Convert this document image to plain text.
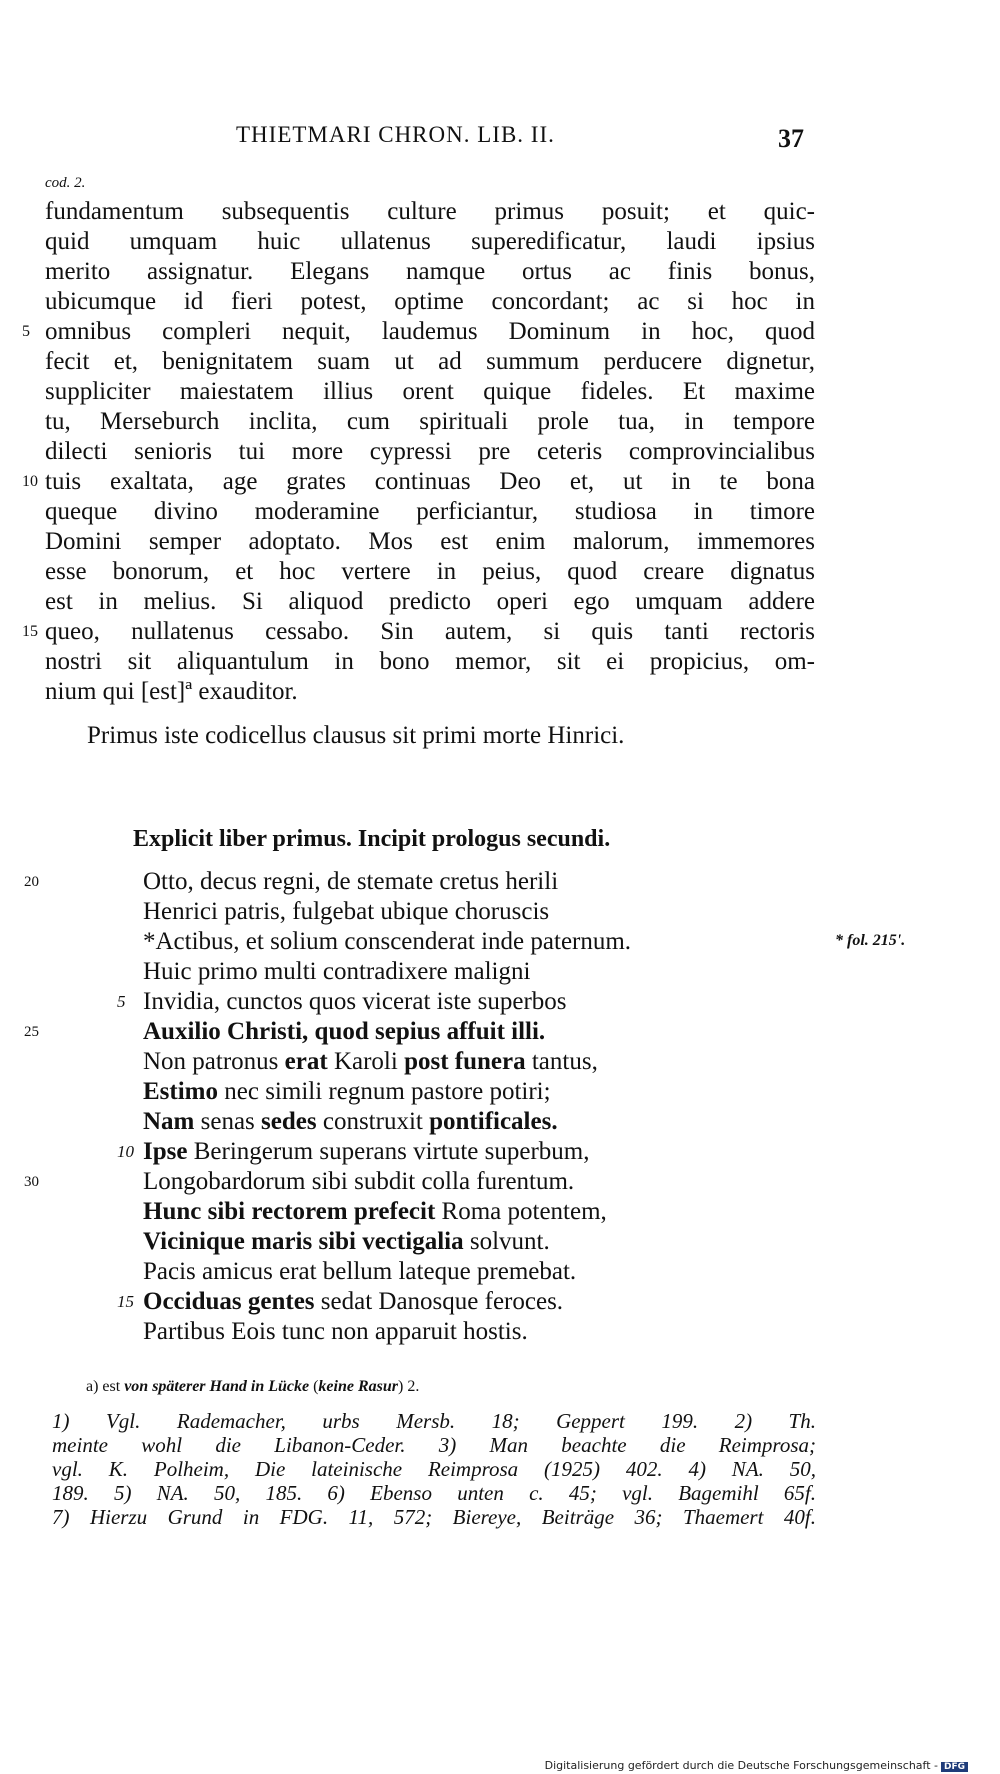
THIETMARI CHRON. LIB. II.	37
cod. 2.
fundamentum subsequentis culture primus posuit; et quic-
quid umquam huic ullatenus superedificatur, laudi ipsius
merito assignatur. Elegans namque ortus ac finis bonus,
ubicumque id fieri potest, optime concordant; ac si hoc in
5 omnibus compleri nequit, laudemus Dominum in hoc, quod
fecit et, benignitatem suam ut ad summum perducere dignetur,
suppliciter maiestatem illius orent quique fideles. Et maxime
tu, Merseburch inclita, cum spirituali prole tua, in tempore
dilecti senioris tui more cypressi pre ceteris comprovincialibus
10 tuis exaltata, age grates continuas Deo et, ut in te bona
queque divino moderamine perficiantur, studiosa in timore
Domini semper adoptato. Mos est enim malorum, immemores
esse bonorum, et hoc vertere in peius, quod creare dignatus
est in melius. Si aliquod predicto operi ego umquam addere
15 queo, nullatenus cessabo. Sin autem, si quis tanti rectoris
nostri sit aliquantulum in bono memor, sit ei propicius, om-
nium qui [est]ª exauditor.
Primus iste codicellus clausus sit primi morte Hinrici.
Explicit liber primus. Incipit prologus secundi.
20
25
30
Otto, decus regni, de stemate cretus herili
Henrici patris, fulgebat ubique choruscis
*Actibus, et solium conscenderat inde paternum.
Huic primo multi contradixere maligni
5 Invidia, cunctos quos vicerat iste superbos
Auxilio Christi, quod sepius affuit illi.
Non patronus erat Karoli post funera tantus,
Estimo nec simili regnum pastore potiri;
Nam senas sedes construxit pontificales.
10 Ipse Beringerum superans virtute superbum,
Longobardorum sibi subdit colla furentum.
Hunc sibi rectorem prefecit Roma potentem,
Vicinique maris sibi vectigalia solvunt.
Pacis amicus erat bellum lateque premebat.
15 Occiduas gentes sedat Danosque feroces.
Partibus Eois tunc non apparuit hostis.
* fol. 215'.
a) est von späterer Hand in Lücke (keine Rasur) 2.
1) Vgl. Rademacher, urbs Mersb. 18; Geppert 199. 2) Th.
meinte wohl die Libanon-Ceder. 3) Man beachte die Reimprosa;
vgl. K. Polheim, Die lateinische Reimprosa (1925) 402. 4) NA. 50,
189. 5) NA. 50, 185. 6) Ebenso unten c. 45; vgl. Bagemihl 65f.
7) Hierzu Grund in FDG. 11, 572; Biereye, Beiträge 36; Thaemert 40f.
Digitalisierung gefördert durch die Deutsche Forschungsgemeinschaft - DFG
